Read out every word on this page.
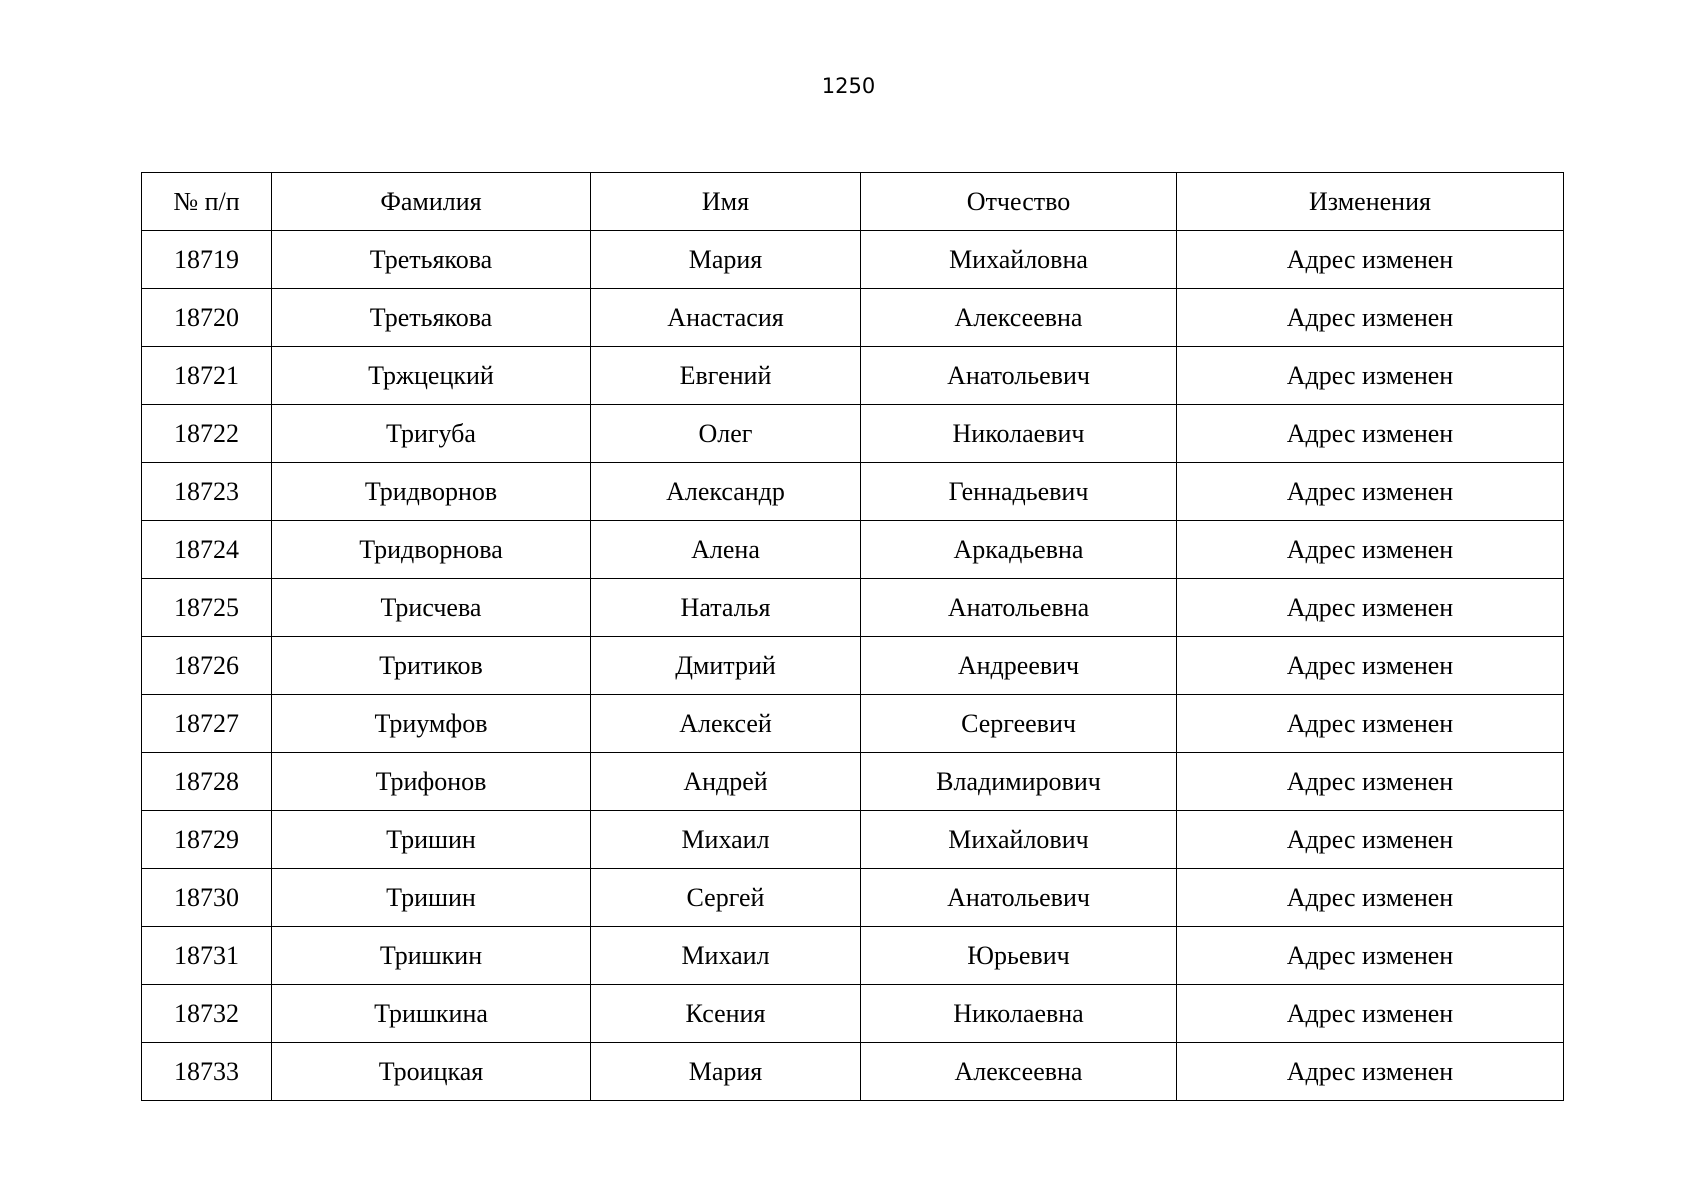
1250
№ п/п	Фамилия	Имя	Отчество	Изменения
18719	Третьякова	Мария	Михайловна	Адрес изменен
18720	Третьякова	Анастасия	Алексеевна	Адрес изменен
18721	Тржцецкий	Евгений	Анатольевич	Адрес изменен
18722	Тригуба	Олег	Николаевич	Адрес изменен
18723	Тридворнов	Александр	Геннадьевич	Адрес изменен
18724	Тридворнова	Алена	Аркадьевна	Адрес изменен
18725	Трисчева	Наталья	Анатольевна	Адрес изменен
18726	Тритиков	Дмитрий	Андреевич	Адрес изменен
18727	Триумфов	Алексей	Сергеевич	Адрес изменен
18728	Трифонов	Андрей	Владимирович	Адрес изменен
18729	Тришин	Михаил	Михайлович	Адрес изменен
18730	Тришин	Сергей	Анатольевич	Адрес изменен
18731	Тришкин	Михаил	Юрьевич	Адрес изменен
18732	Тришкина	Ксения	Николаевна	Адрес изменен
18733	Троицкая	Мария	Алексеевна	Адрес изменен
